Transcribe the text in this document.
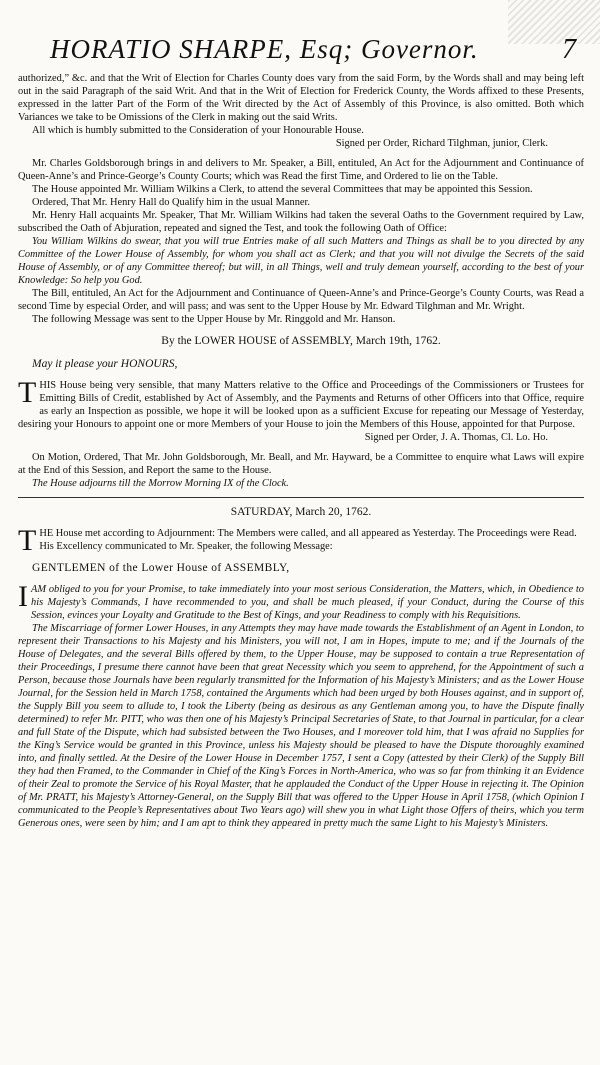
HORATIO SHARPE, Esq; Governor.	7

authorized,” &c. and that the Writ of Election for Charles County does vary from the said Form, by the Words shall and may being left out in the said Paragraph of the said Writ. And that in the Writ of Election for Frederick County, the Words affixed to these Presents, expressed in the latter Part of the Form of the Writ directed by the Act of Assembly of this Province, is also omitted. Both which Variances we take to be Omissions of the Clerk in making out the said Writs.

All which is humbly submitted to the Consideration of your Honourable House.

Signed per Order, Richard Tilghman, junior, Clerk.

Mr. Charles Goldsborough brings in and delivers to Mr. Speaker, a Bill, entituled, An Act for the Adjournment and Continuance of Queen-Anne’s and Prince-George’s County Courts; which was Read the first Time, and Ordered to lie on the Table.

The House appointed Mr. William Wilkins a Clerk, to attend the several Committees that may be appointed this Session.

Ordered, That Mr. Henry Hall do Qualify him in the usual Manner.

Mr. Henry Hall acquaints Mr. Speaker, That Mr. William Wilkins had taken the several Oaths to the Government required by Law, subscribed the Oath of Abjuration, repeated and signed the Test, and took the following Oath of Office:

You William Wilkins do swear, that you will true Entries make of all such Matters and Things as shall be to you directed by any Committee of the Lower House of Assembly, for whom you shall act as Clerk; and that you will not divulge the Secrets of the said House of Assembly, or of any Committee thereof; but will, in all Things, well and truly demean yourself, according to the best of your Knowledge: So help you God.

The Bill, entituled, An Act for the Adjournment and Continuance of Queen-Anne’s and Prince-George’s County Courts, was Read a second Time by especial Order, and will pass; and was sent to the Upper House by Mr. Edward Tilghman and Mr. Wright.

The following Message was sent to the Upper House by Mr. Ringgold and Mr. Hanson.

By the LOWER HOUSE of ASSEMBLY, March 19th, 1762.
May it please your HONOURS,

THIS House being very sensible, that many Matters relative to the Office and Proceedings of the Commissioners or Trustees for Emitting Bills of Credit, established by Act of Assembly, and the Payments and Returns of other Officers into that Office, require as early an Inspection as possible, we hope it will be looked upon as a sufficient Excuse for repeating our Message of Yesterday, desiring your Honours to appoint one or more Members of your House to join the Members of this House, appointed for that Purpose.

Signed per Order, J. A. Thomas, Cl. Lo. Ho.

On Motion, Ordered, That Mr. John Goldsborough, Mr. Beall, and Mr. Hayward, be a Committee to enquire what Laws will expire at the End of this Session, and Report the same to the House.

The House adjourns till the Morrow Morning IX of the Clock.

SATURDAY, March 20, 1762.

THE House met according to Adjournment: The Members were called, and all appeared as Yesterday. The Proceedings were Read.

His Excellency communicated to Mr. Speaker, the following Message:

GENTLEMEN of the Lower House of ASSEMBLY,

IAM obliged to you for your Promise, to take immediately into your most serious Consideration, the Matters, which, in Obedience to his Majesty’s Commands, I have recommended to you, and shall be much pleased, if your Conduct, during the Course of this Session, evinces your Loyalty and Gratitude to the Best of Kings, and your Readiness to comply with his Requisitions.

The Miscarriage of former Lower Houses, in any Attempts they may have made towards the Establishment of an Agent in London, to represent their Transactions to his Majesty and his Ministers, you will not, I am in Hopes, impute to me; and if the Journals of the House of Delegates, and the several Bills offered by them, to the Upper House, may be supposed to contain a true Representation of their Proceedings, I presume there cannot have been that great Necessity which you seem to apprehend, for the Appointment of such a Person, because those Journals have been regularly transmitted for the Information of his Majesty’s Ministers; and as the Lower House Journal, for the Session held in March 1758, contained the Arguments which had been urged by both Houses against, and in support of, the Supply Bill you seem to allude to, I took the Liberty (being as desirous as any Gentleman among you, to have the Dispute finally determined) to refer Mr. PITT, who was then one of his Majesty’s Principal Secretaries of State, to that Journal in particular, for a clear and full State of the Dispute, which had subsisted between the Two Houses, and I moreover told him, that I was afraid no Supplies for the King’s Service would be granted in this Province, unless his Majesty should be pleased to have the Dispute thoroughly examined into, and finally settled. At the Desire of the Lower House in December 1757, I sent a Copy (attested by their Clerk) of the Supply Bill they had then Framed, to the Commander in Chief of the King’s Forces in North-America, who was so far from thinking it an Evidence of their Zeal to promote the Service of his Royal Master, that he applauded the Conduct of the Upper House in rejecting it. The Opinion of Mr. PRATT, his Majesty’s Attorney-General, on the Supply Bill that was offered to the Upper House in April 1758, (which Opinion I communicated to the People’s Representatives about Two Years ago) will shew you in what Light those Offers of theirs, which you term Generous ones, were seen by him; and I am apt to think they appeared in pretty much the same Light to his Majesty’s Ministers.
